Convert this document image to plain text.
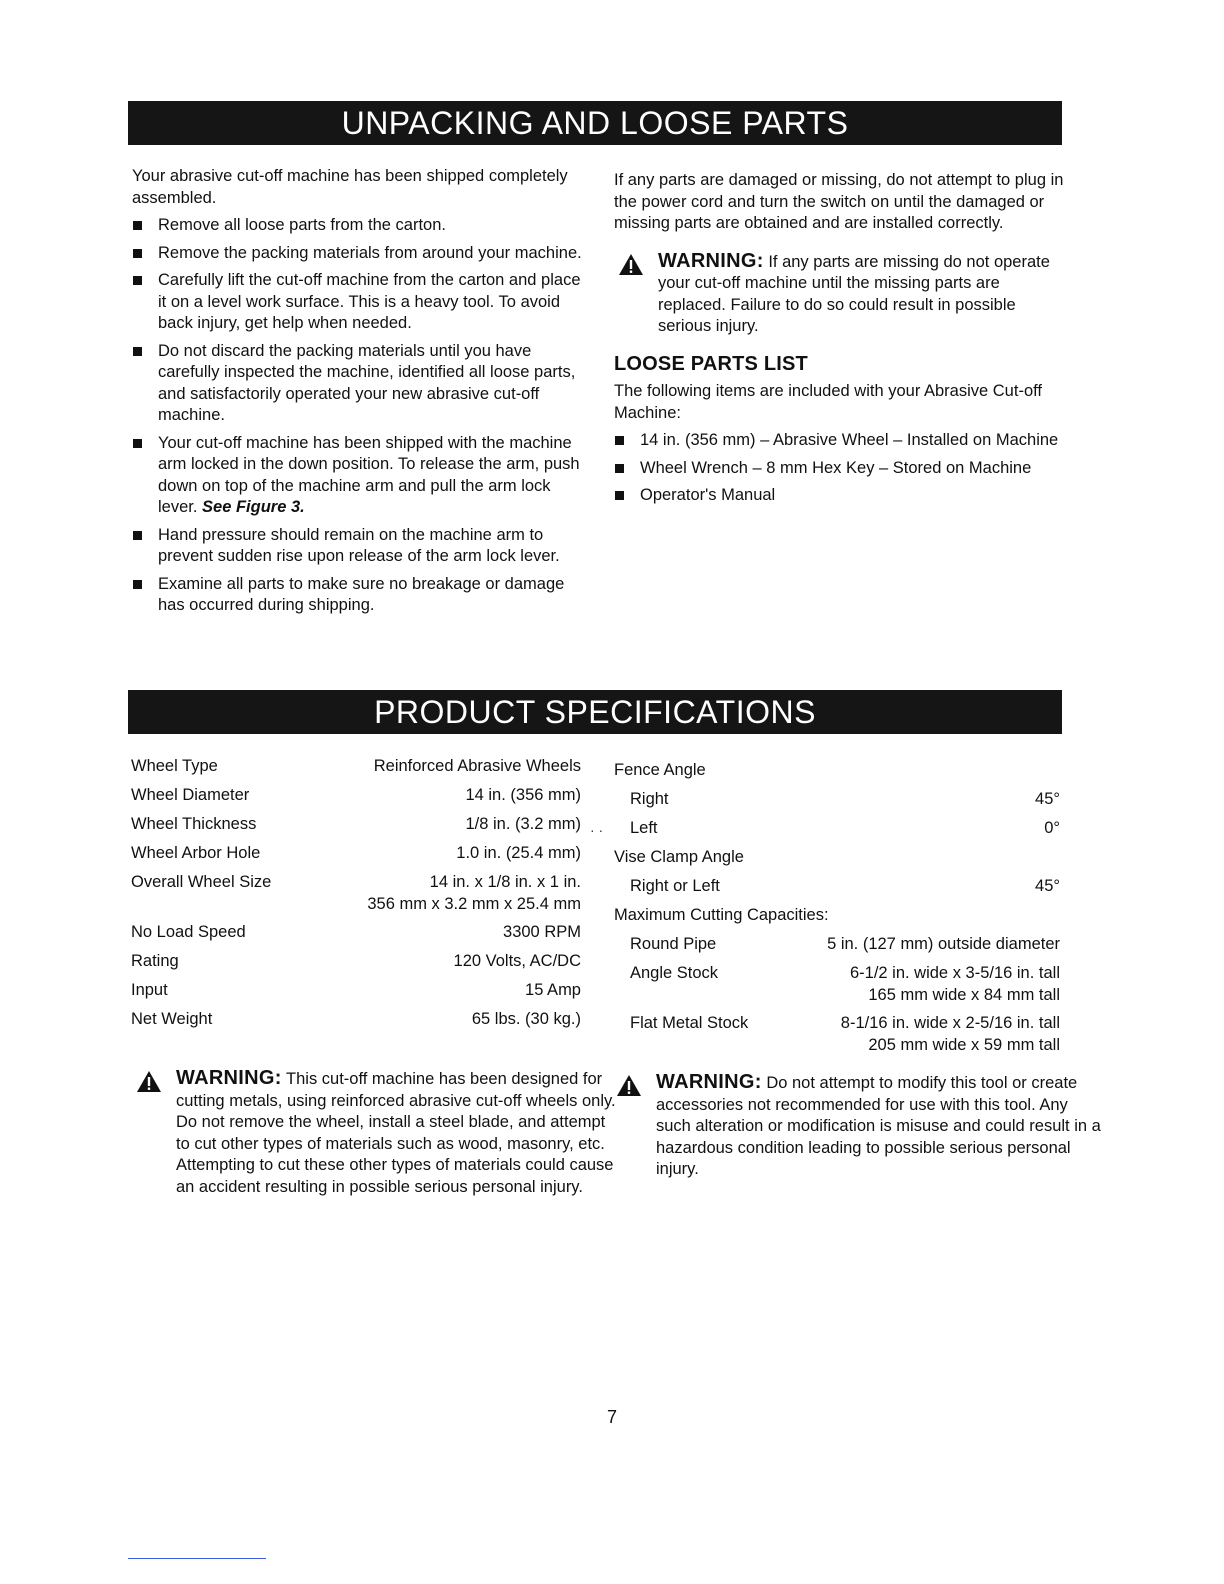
UNPACKING AND LOOSE PARTS
PRODUCT SPECIFICATIONS

Your abrasive cut-off machine has been shipped completely assembled.

Remove all loose parts from the carton.
Remove the packing materials from around your machine.
Carefully lift the cut-off machine from the carton and place it on a level work surface. This is a heavy tool. To avoid back injury, get help when needed.
Do not discard the packing materials until you have carefully inspected the machine, identified all loose parts, and satisfactorily operated your new abrasive cut-off machine.
Your cut-off machine has been shipped with the machine arm locked in the down position. To release the arm, push down on top of the machine arm and pull the arm lock lever. See Figure 3.
Hand pressure should remain on the machine arm to prevent sudden rise upon release of the arm lock lever.
Examine all parts to make sure no breakage or damage has occurred during shipping.

If any parts are damaged or missing, do not attempt to plug in the power cord and turn the switch on until the damaged or missing parts are obtained and are installed correctly.

WARNING: If any parts are missing do not operate your cut-off machine until the missing parts are replaced. Failure to do so could result in possible serious injury.
LOOSE PARTS LIST

The following items are included with your Abrasive Cut-off Machine:

14 in. (356 mm) – Abrasive Wheel – Installed on Machine
Wheel Wrench – 8 mm Hex Key – Stored on Machine
Operator's Manual
Wheel Type	Reinforced Abrasive Wheels
Wheel Diameter	14 in. (356 mm)
Wheel Thickness	1/8 in. (3.2 mm)
Wheel Arbor Hole	1.0 in. (25.4 mm)
Overall Wheel Size	14 in. x 1/8 in. x 1 in.
356 mm x 3.2 mm x 25.4 mm

No Load Speed	3300 RPM
Rating	120 Volts, AC/DC
Input	15 Amp
Net Weight	65 lbs. (30 kg.)
· ·
Fence Angle	
Right	45°
Left	0°
Vise Clamp Angle	
Right or Left	45°
Maximum Cutting Capacities:	
Round Pipe	5 in. (127 mm) outside diameter
Angle Stock	6-1/2 in. wide x 3-5/16 in. tall
165 mm wide x 84 mm tall

Flat Metal Stock	8-1/16 in. wide x 2-5/16 in. tall
205 mm wide x 59 mm tall
WARNING: This cut-off machine has been designed for cutting metals, using reinforced abrasive cut-off wheels only. Do not remove the wheel, install a steel blade, and attempt to cut other types of materials such as wood, masonry, etc. Attempting to cut these other types of materials could cause an accident resulting in possible serious personal injury.
WARNING: Do not attempt to modify this tool or create accessories not recommended for use with this tool. Any such alteration or modification is misuse and could result in a hazardous condition leading to possible serious personal injury.
7
